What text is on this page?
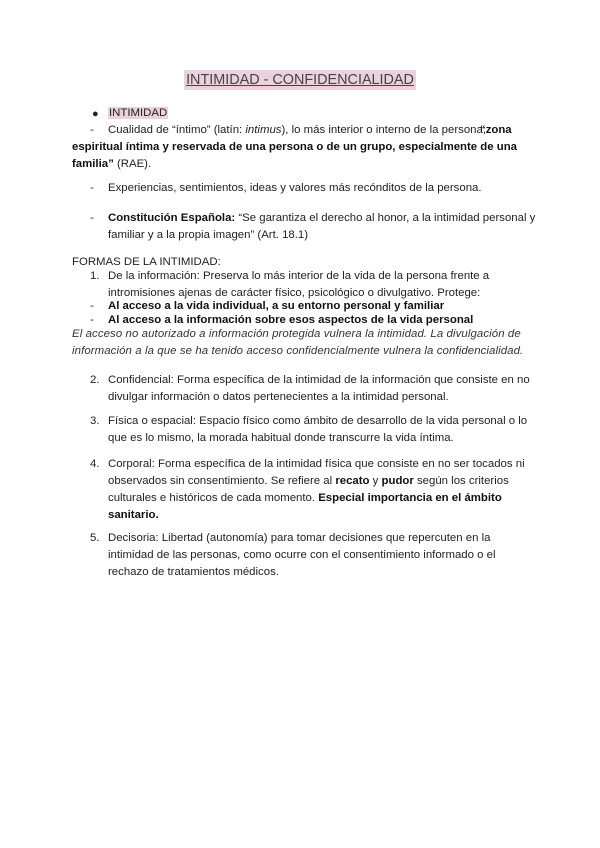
INTIMIDAD - CONFIDENCIALIDAD
● INTIMIDAD
- Cualidad de “íntimo” (latín: intimus), lo más interior o interno de la persona,
“zona espiritual íntima y reservada de una persona o de un grupo, especialmente de una familia” (RAE).
- Experiencias, sentimientos, ideas y valores más recónditos de la persona.
- Constitución Española: “Se garantiza el derecho al honor, a la intimidad personal y familiar y a la propia imagen” (Art. 18.1)
FORMAS DE LA INTIMIDAD:
1. De la información: Preserva lo más interior de la vida de la persona frente a intromisiones ajenas de carácter físico, psicológico o divulgativo. Protege:
- Al acceso a la vida individual, a su entorno personal y familiar
- Al acceso a la información sobre esos aspectos de la vida personal
El acceso no autorizado a información protegida vulnera la intimidad. La divulgación de información a la que se ha tenido acceso confidencialmente vulnera la confidencialidad.
2. Confidencial: Forma específica de la intimidad de la información que consiste en no divulgar información o datos pertenecientes a la intimidad personal.
3. Física o espacial: Espacio físico como ámbito de desarrollo de la vida personal o lo que es lo mismo, la morada habitual donde transcurre la vida íntima.
4. Corporal: Forma específica de la intimidad física que consiste en no ser tocados ni observados sin consentimiento. Se refiere al recato y pudor según los criterios culturales e históricos de cada momento. Especial importancia en el ámbito sanitario.
5. Decisoria: Libertad (autonomía) para tomar decisiones que repercuten en la intimidad de las personas, como ocurre con el consentimiento informado o el rechazo de tratamientos médicos.
